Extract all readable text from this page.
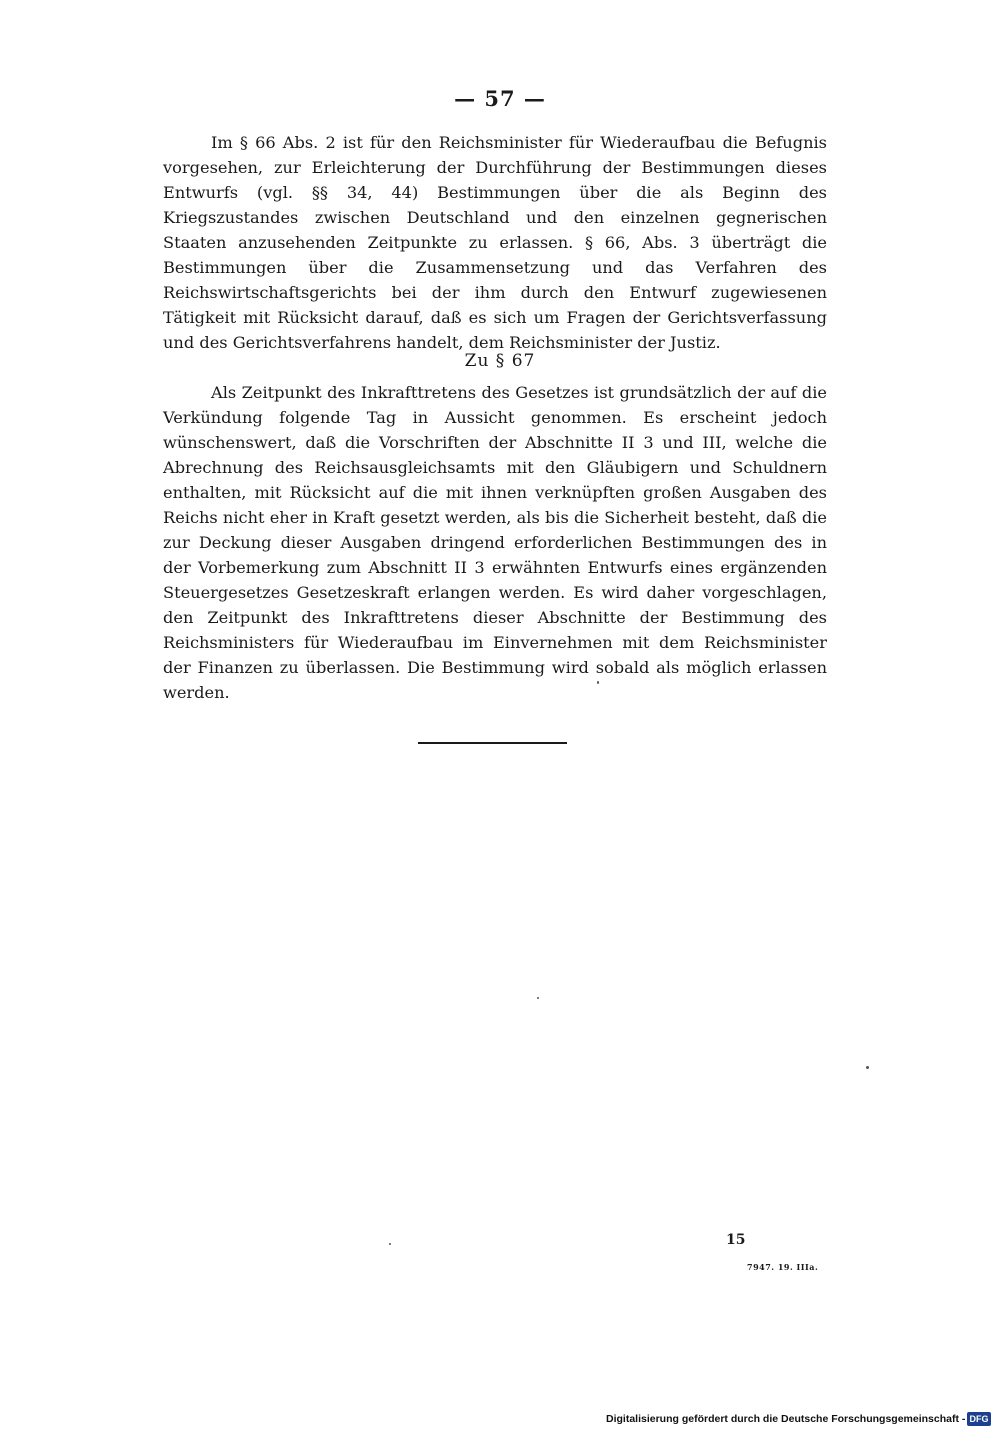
— 57 —

Im § 66 Abs. 2 ist für den Reichsminister für Wiederaufbau die Befugnis vorgesehen, zur Erleichterung der Durchführung der Bestimmungen dieses Entwurfs (vgl. §§ 34, 44) Bestimmungen über die als Beginn des Kriegszustandes zwischen Deutschland und den einzelnen gegnerischen Staaten anzusehenden Zeitpunkte zu erlassen. § 66, Abs. 3 überträgt die Bestimmungen über die Zusammensetzung und das Verfahren des Reichswirtschaftsgerichts bei der ihm durch den Entwurf zugewiesenen Tätigkeit mit Rücksicht darauf, daß es sich um Fragen der Gerichtsverfassung und des Gerichtsverfahrens handelt, dem Reichsminister der Justiz.

Zu § 67

Als Zeitpunkt des Inkrafttretens des Gesetzes ist grundsätzlich der auf die Verkündung folgende Tag in Aussicht genommen. Es erscheint jedoch wünschenswert, daß die Vorschriften der Abschnitte II 3 und III, welche die Abrechnung des Reichsausgleichsamts mit den Gläubigern und Schuldnern enthalten, mit Rücksicht auf die mit ihnen verknüpften großen Ausgaben des Reichs nicht eher in Kraft gesetzt werden, als bis die Sicherheit besteht, daß die zur Deckung dieser Ausgaben dringend erforderlichen Bestimmungen des in der Vorbemerkung zum Abschnitt II 3 erwähnten Entwurfs eines ergänzenden Steuergesetzes Gesetzeskraft erlangen werden. Es wird daher vorgeschlagen, den Zeitpunkt des Inkrafttretens dieser Abschnitte der Bestimmung des Reichsministers für Wiederaufbau im Einvernehmen mit dem Reichsminister der Finanzen zu überlassen. Die Bestimmung wird sobald als möglich erlassen werden.

15
7947. 19. IIIa.
Digitalisierung gefördert durch die Deutsche Forschungsgemeinschaft - DFG
